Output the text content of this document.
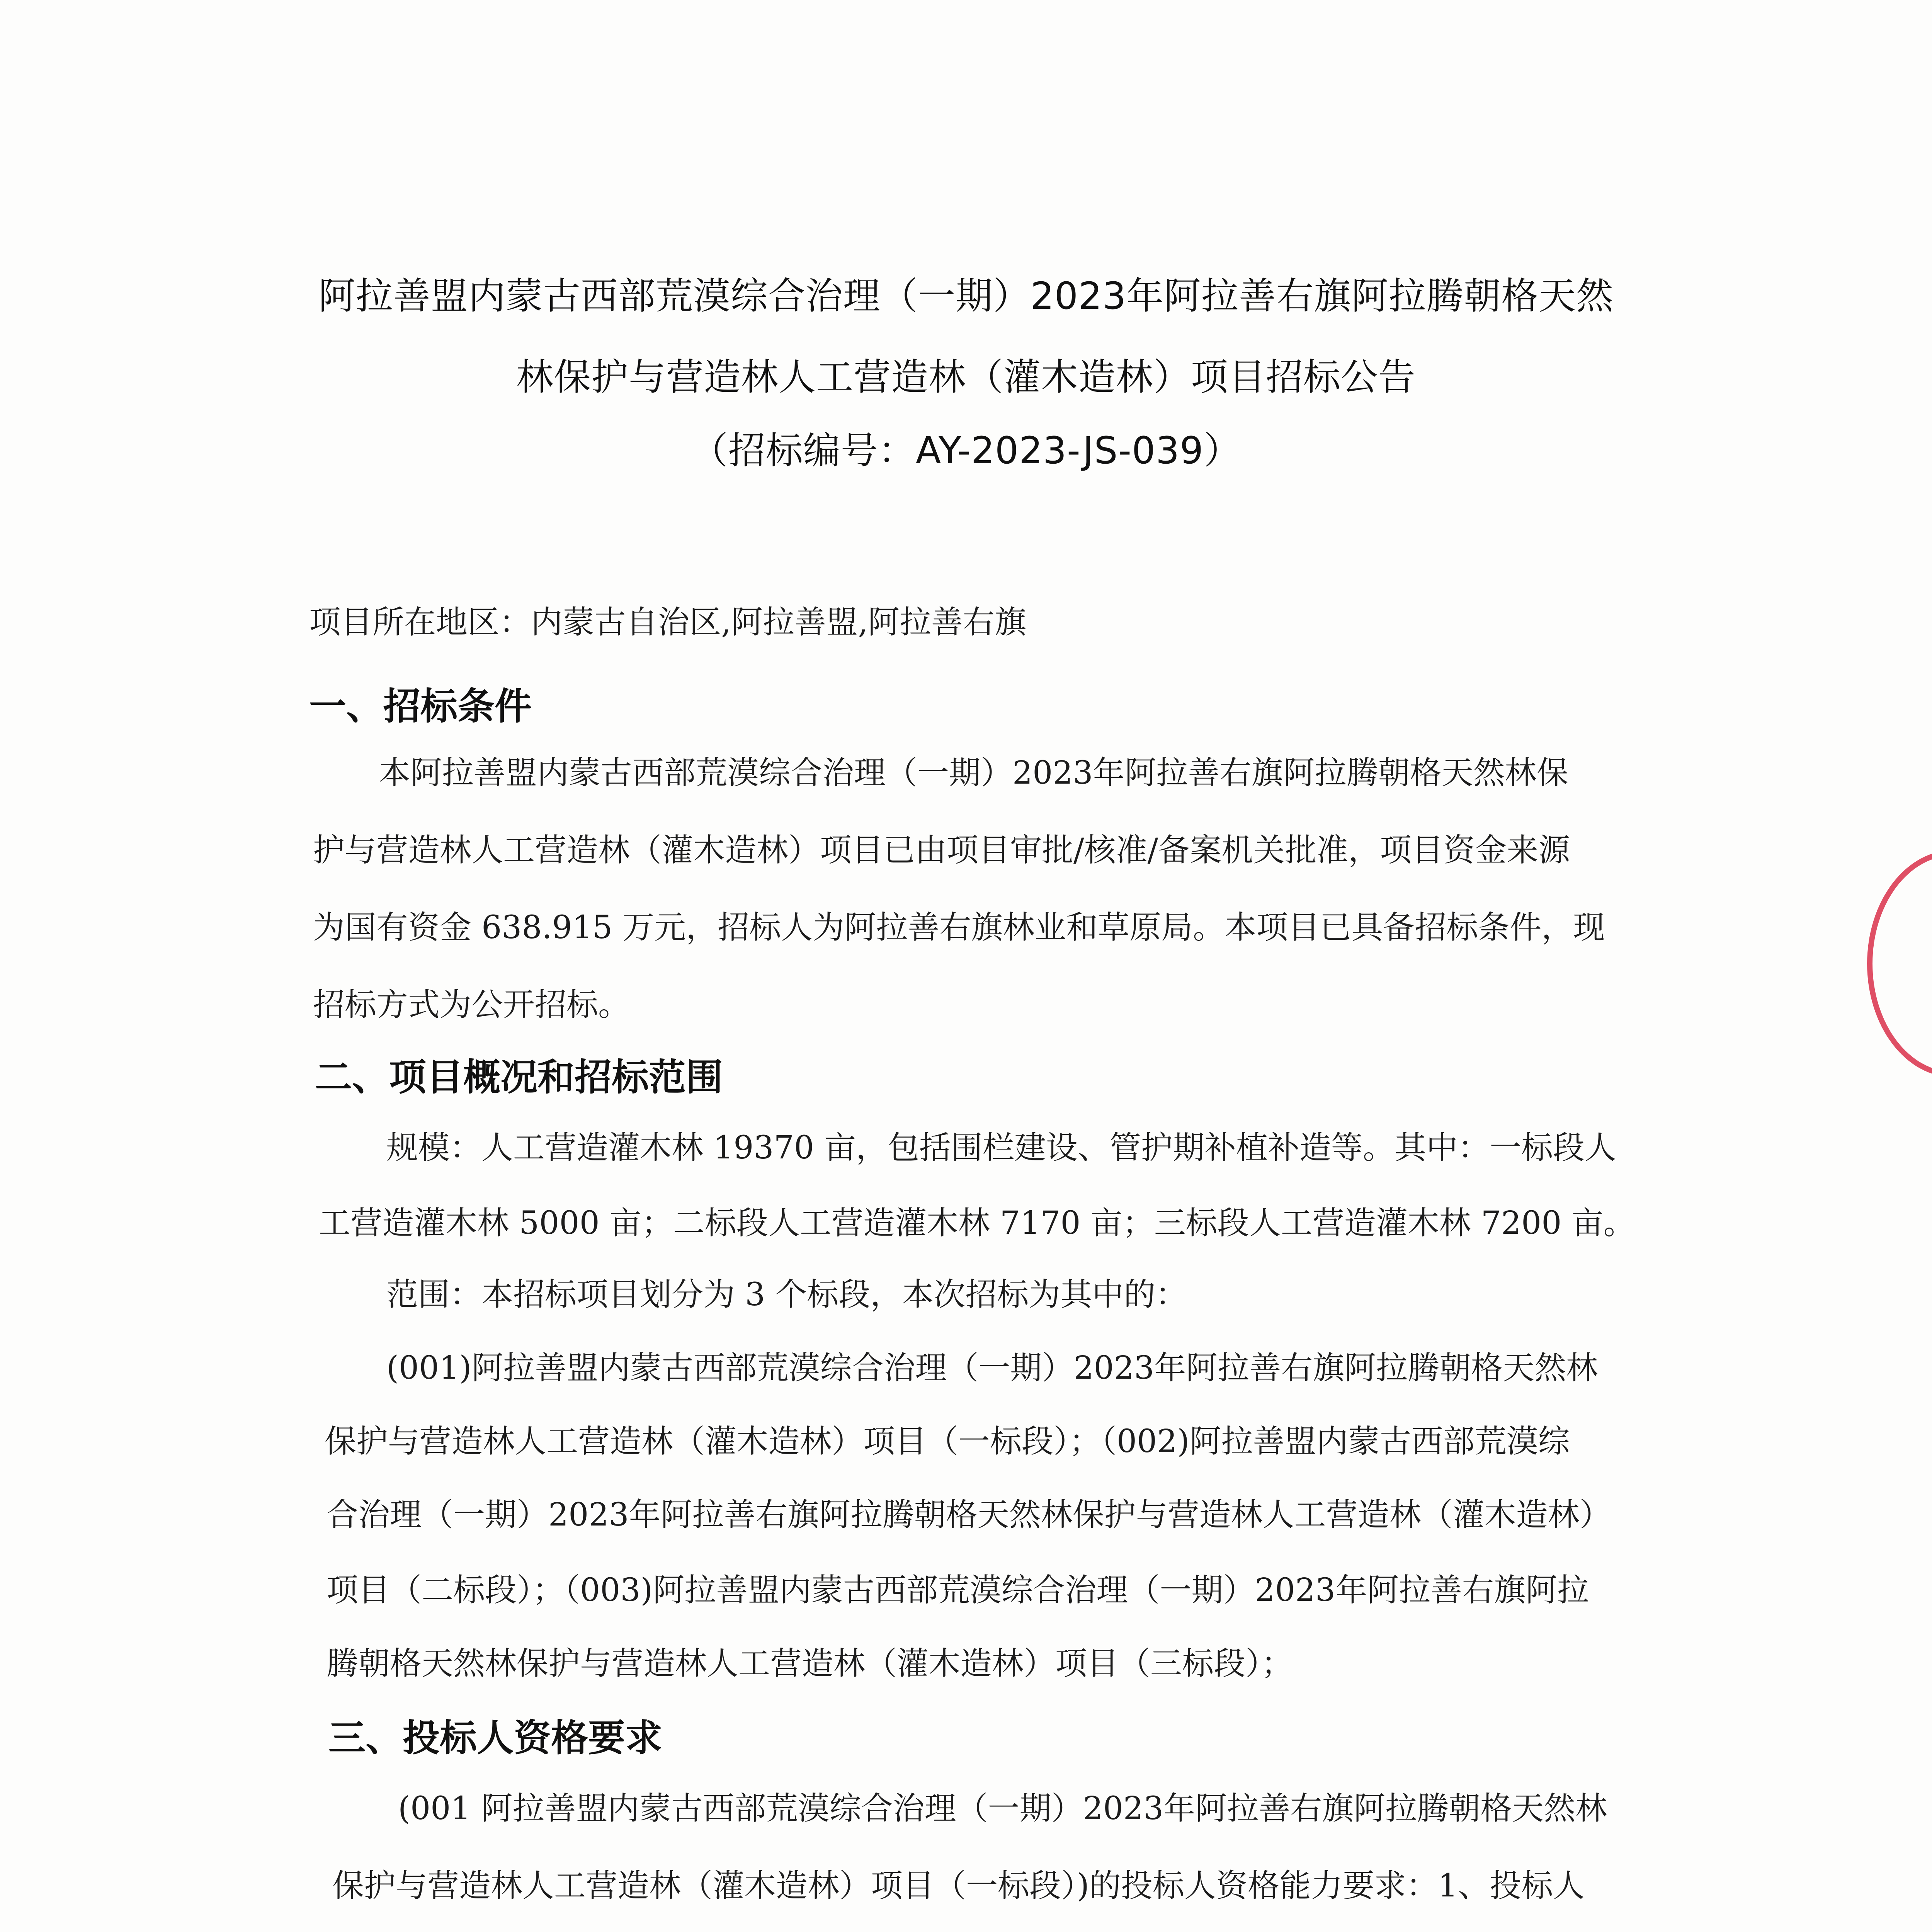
阿拉善盟内蒙古西部荒漠综合治理（一期）2023年阿拉善右旗阿拉腾朝格天然
林保护与营造林人工营造林（灌木造林）项目招标公告
（招标编号：AY-2023-JS-039）
项目所在地区：内蒙古自治区,阿拉善盟,阿拉善右旗
一、招标条件
本阿拉善盟内蒙古西部荒漠综合治理（一期）2023年阿拉善右旗阿拉腾朝格天然林保
护与营造林人工营造林（灌木造林）项目已由项目审批/核准/备案机关批准，项目资金来源
为国有资金 638.915 万元，招标人为阿拉善右旗林业和草原局。本项目已具备招标条件，现
招标方式为公开招标。
二、项目概况和招标范围
规模：人工营造灌木林 19370 亩，包括围栏建设、管护期补植补造等。其中：一标段人
工营造灌木林 5000 亩；二标段人工营造灌木林 7170 亩；三标段人工营造灌木林 7200 亩。
范围：本招标项目划分为 3 个标段，本次招标为其中的：
(001)阿拉善盟内蒙古西部荒漠综合治理（一期）2023年阿拉善右旗阿拉腾朝格天然林
保护与营造林人工营造林（灌木造林）项目（一标段）；（002)阿拉善盟内蒙古西部荒漠综
合治理（一期）2023年阿拉善右旗阿拉腾朝格天然林保护与营造林人工营造林（灌木造林）
项目（二标段）；（003)阿拉善盟内蒙古西部荒漠综合治理（一期）2023年阿拉善右旗阿拉
腾朝格天然林保护与营造林人工营造林（灌木造林）项目（三标段）；
三、投标人资格要求
(001 阿拉善盟内蒙古西部荒漠综合治理（一期）2023年阿拉善右旗阿拉腾朝格天然林
保护与营造林人工营造林（灌木造林）项目（一标段）)的投标人资格能力要求：1、投标人
